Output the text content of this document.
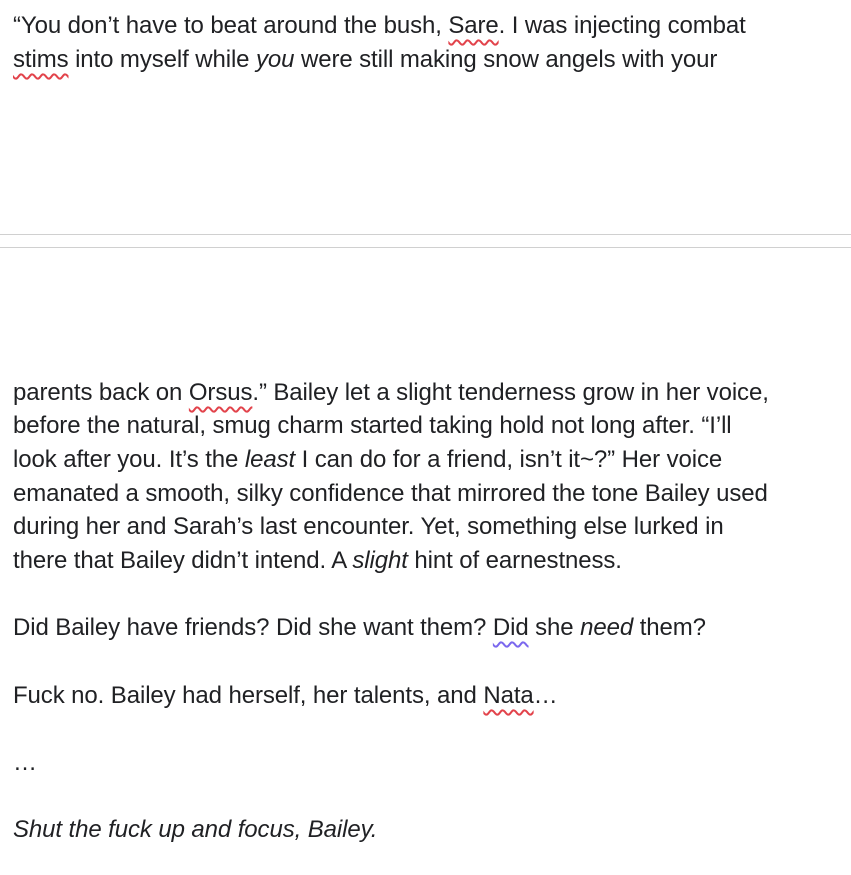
“You don’t have to beat around the bush, Sare. I was injecting combat
stims into myself while you were still making snow angels with your
parents back on Orsus.” Bailey let a slight tenderness grow in her voice,
before the natural, smug charm started taking hold not long after. “I’ll
look after you. It’s the least I can do for a friend, isn’t it~?” Her voice
emanated a smooth, silky confidence that mirrored the tone Bailey used
during her and Sarah’s last encounter. Yet, something else lurked in
there that Bailey didn’t intend. A slight hint of earnestness.
Did Bailey have friends? Did she want them? Did she need them?
Fuck no. Bailey had herself, her talents, and Nata…
…
Shut the fuck up and focus, Bailey.
